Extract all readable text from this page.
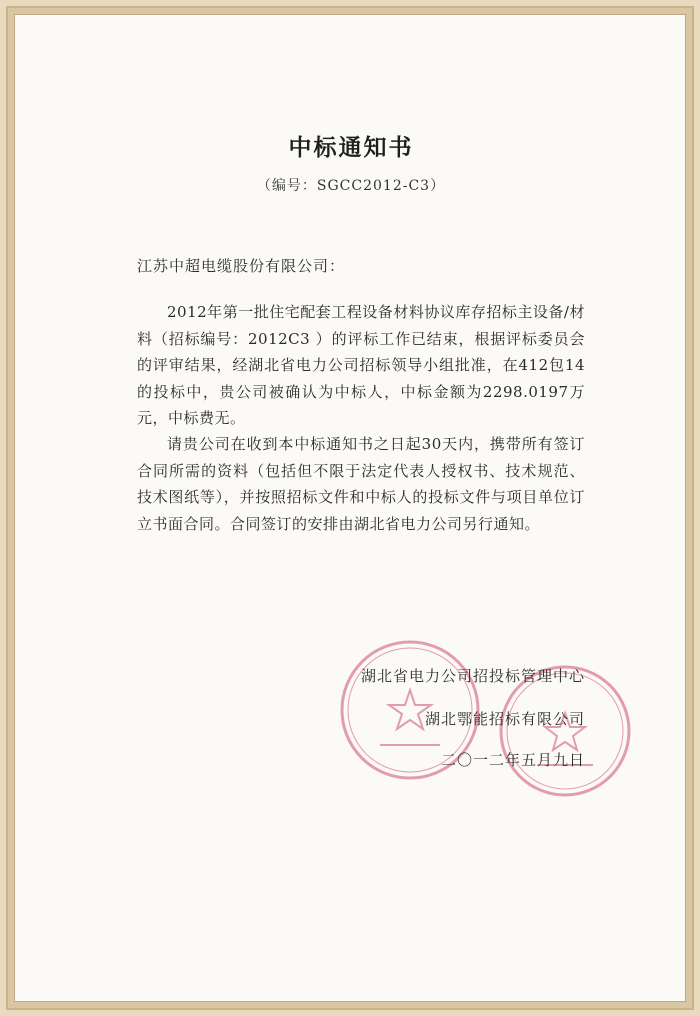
中标通知书
（编号：SGCC2012-C3）
江苏中超电缆股份有限公司：

2012年第一批住宅配套工程设备材料协议库存招标主设备/材料（招标编号：2012C3 ）的评标工作已结束，根据评标委员会的评审结果，经湖北省电力公司招标领导小组批准，在412包14的投标中，贵公司被确认为中标人，中标金额为2298.0197万元，中标费无。

请贵公司在收到本中标通知书之日起30天内，携带所有签订合同所需的资料（包括但不限于法定代表人授权书、技术规范、技术图纸等），并按照招标文件和中标人的投标文件与项目单位订立书面合同。合同签订的安排由湖北省电力公司另行通知。

湖北省电力公司招投标管理中心
湖北鄂能招标有限公司
二〇一二年五月九日
